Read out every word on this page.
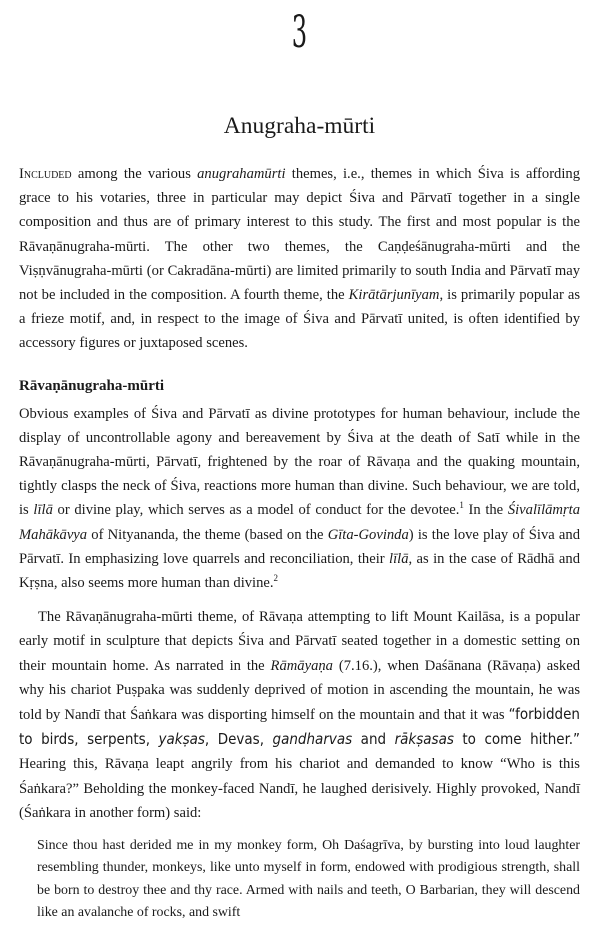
3
Anugraha-mūrti

Included among the various anugrahamūrti themes, i.e., themes in which Śiva is affording grace to his votaries, three in particular may depict Śiva and Pārvatī together in a single composition and thus are of primary interest to this study. The first and most popular is the Rāvaṇānugraha-mūrti. The other two themes, the Caṇḍeśānugraha-mūrti and the Viṣṇvānugraha-mūrti (or Cakradāna-mūrti) are limited primarily to south India and Pārvatī may not be included in the composition. A fourth theme, the Kirātārjunīyam, is primarily popular as a frieze motif, and, in respect to the image of Śiva and Pārvatī united, is often identified by accessory figures or juxtaposed scenes.

Rāvaṇānugraha-mūrti

Obvious examples of Śiva and Pārvatī as divine prototypes for human behaviour, include the display of uncontrollable agony and bereavement by Śiva at the death of Satī while in the Rāvaṇānugraha-mūrti, Pārvatī, frightened by the roar of Rāvaṇa and the quaking mountain, tightly clasps the neck of Śiva, reactions more human than divine. Such behaviour, we are told, is līlā or divine play, which serves as a model of conduct for the devotee.$^1$ In the Śivalīlāmṛta Mahākāvya of Nityananda, the theme (based on the Gīta-Govinda) is the love play of Śiva and Pārvatī. In emphasizing love quarrels and reconciliation, their līlā, as in the case of Rādhā and Kṛṣna, also seems more human than divine.$^2$

The Rāvaṇānugraha-mūrti theme, of Rāvaṇa attempting to lift Mount Kailāsa, is a popular early motif in sculpture that depicts Śiva and Pārvatī seated together in a domestic setting on their mountain home. As narrated in the Rāmāyaṇa (7.16.), when Daśānana (Rāvaṇa) asked why his chariot Puṣpaka was suddenly deprived of motion in ascending the mountain, he was told by Nandī that Śaṅkara was disporting himself on the mountain and that it was “forbidden to birds, serpents, yakṣas, Devas, gandharvas and rākṣasas to come hither.” Hearing this, Rāvaṇa leapt angrily from his chariot and demanded to know “Who is this Śaṅkara?” Beholding the monkey-faced Nandī, he laughed derisively. Highly provoked, Nandī (Śaṅkara in another form) said:

Since thou hast derided me in my monkey form, Oh Daśagrīva, by bursting into loud laughter resembling thunder, monkeys, like unto myself in form, endowed with prodigious strength, shall be born to destroy thee and thy race. Armed with nails and teeth, O Barbarian, they will descend like an avalanche of rocks, and swift
